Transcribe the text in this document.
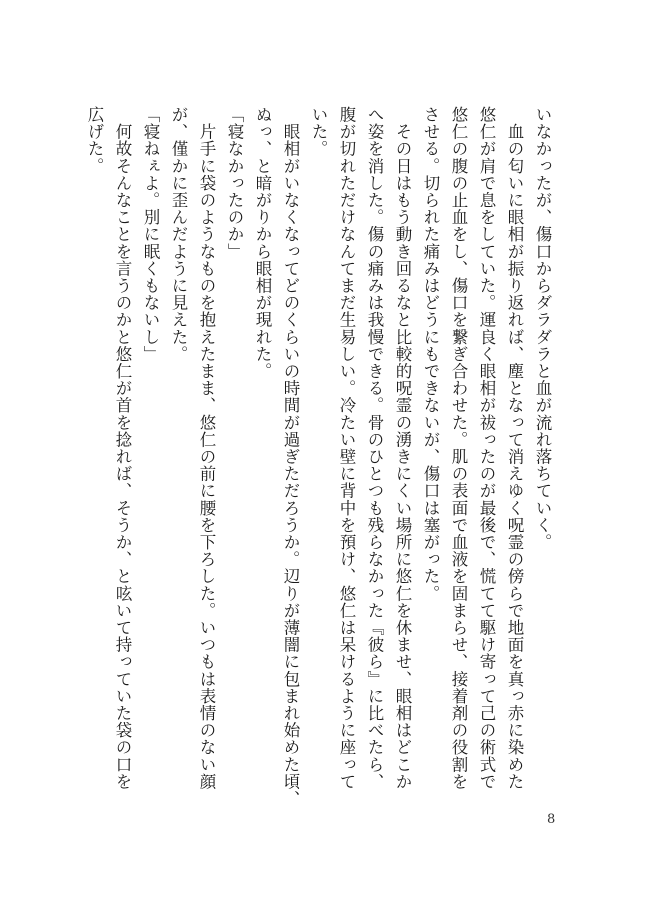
いなかったが、傷口からダラダラと血が流れ落ちていく。
　血の匂いに眼相が振り返れば、塵となって消えゆく呪霊の傍らで地面を真っ赤に染めた
悠仁が肩で息をしていた。運良く眼相が祓ったのが最後で、慌てて駆け寄って己の術式で
悠仁の腹の止血をし、傷口を繋ぎ合わせた。肌の表面で血液を固まらせ、接着剤の役割を
させる。切られた痛みはどうにもできないが、傷口は塞がった。
　その日はもう動き回るなと比較的呪霊の湧きにくい場所に悠仁を休ませ、眼相はどこか
へ姿を消した。傷の痛みは我慢できる。骨のひとつも残らなかった『彼ら』に比べたら、
腹が切れただけなんてまだ生易しい。冷たい壁に背中を預け、悠仁は呆けるように座って
いた。
　眼相がいなくなってどのくらいの時間が過ぎただろうか。辺りが薄闇に包まれ始めた頃、
ぬっ、と暗がりから眼相が現れた。
「寝なかったのか」
　片手に袋のようなものを抱えたまま、悠仁の前に腰を下ろした。いつもは表情のない顔
が、僅かに歪んだように見えた。
「寝ねぇよ。別に眠くもないし」
　何故そんなことを言うのかと悠仁が首を捻れば、そうか、と呟いて持っていた袋の口を
広げた。
8
